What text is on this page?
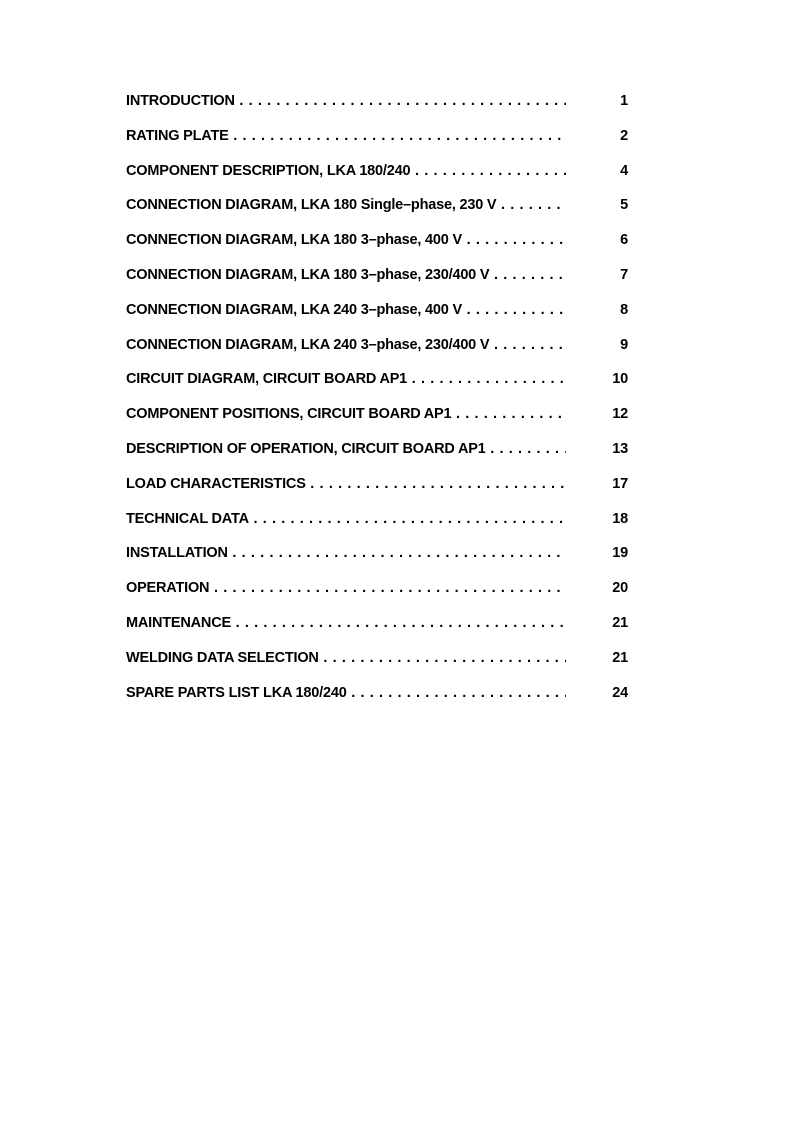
INTRODUCTION . . .	1
RATING PLATE . . .	2
COMPONENT DESCRIPTION, LKA 180/240 . . .	4
CONNECTION DIAGRAM, LKA 180 Single–phase, 230 V . . .	5
CONNECTION DIAGRAM, LKA 180 3–phase, 400 V . . .	6
CONNECTION DIAGRAM, LKA 180 3–phase, 230/400 V . . .	7
CONNECTION DIAGRAM, LKA 240 3–phase, 400 V . . .	8
CONNECTION DIAGRAM, LKA 240 3–phase, 230/400 V . . .	9
CIRCUIT DIAGRAM, CIRCUIT BOARD AP1 . . .	10
COMPONENT POSITIONS, CIRCUIT BOARD AP1 . . .	12
DESCRIPTION OF OPERATION, CIRCUIT BOARD AP1 . . .	13
LOAD CHARACTERISTICS . . .	17
TECHNICAL DATA . . .	18
INSTALLATION . . .	19
OPERATION . . .	20
MAINTENANCE . . .	21
WELDING DATA SELECTION . . .	21
SPARE PARTS LIST LKA 180/240 . . .	24
